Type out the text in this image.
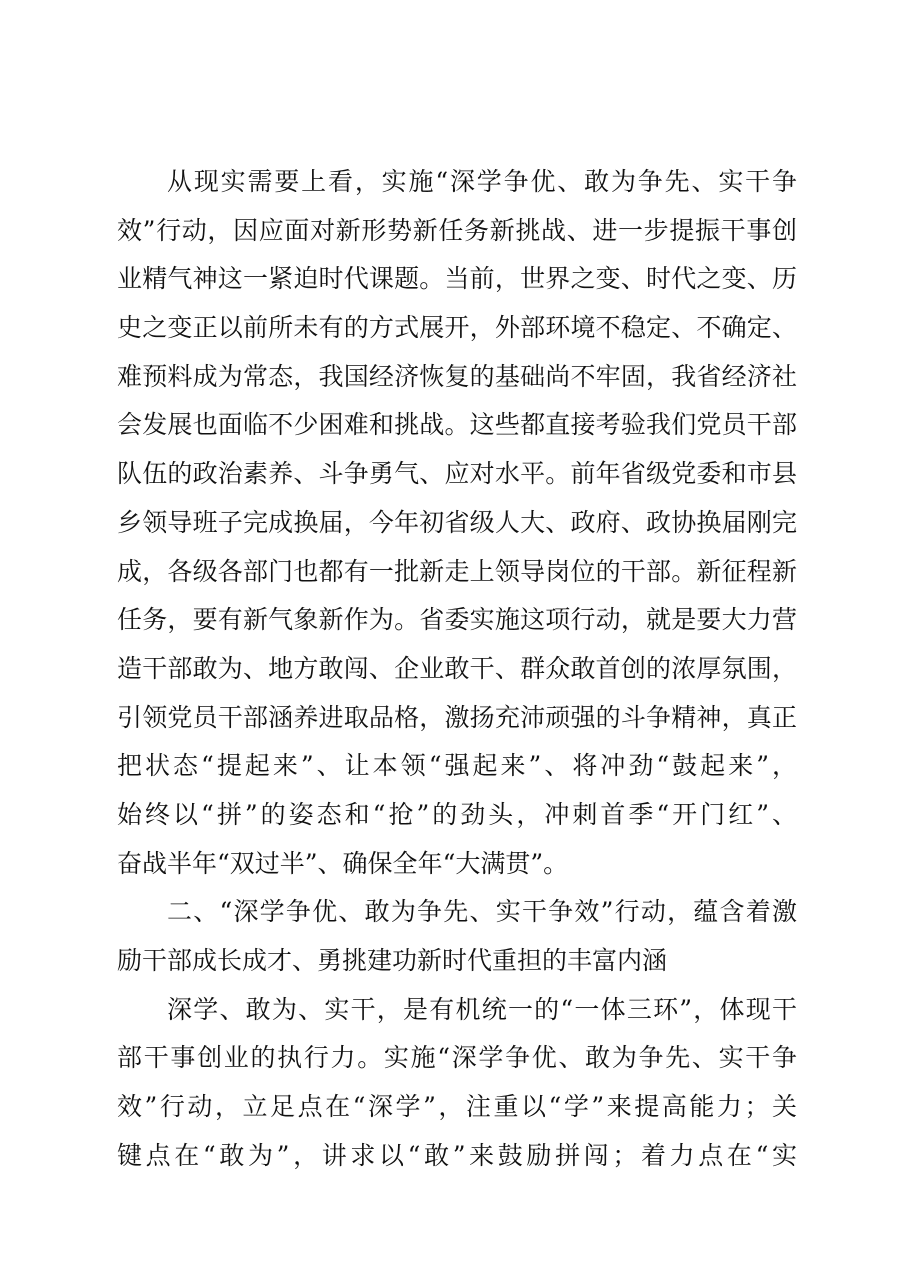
从现实需要上看，实施“深学争优、敢为争先、实干争
效”行动，因应面对新形势新任务新挑战、进一步提振干事创
业精气神这一紧迫时代课题。当前，世界之变、时代之变、历
史之变正以前所未有的方式展开，外部环境不稳定、不确定、
难预料成为常态，我国经济恢复的基础尚不牢固，我省经济社
会发展也面临不少困难和挑战。这些都直接考验我们党员干部
队伍的政治素养、斗争勇气、应对水平。前年省级党委和市县
乡领导班子完成换届，今年初省级人大、政府、政协换届刚完
成，各级各部门也都有一批新走上领导岗位的干部。新征程新
任务，要有新气象新作为。省委实施这项行动，就是要大力营
造干部敢为、地方敢闯、企业敢干、群众敢首创的浓厚氛围，
引领党员干部涵养进取品格，激扬充沛顽强的斗争精神，真正
把状态“提起来”、让本领“强起来”、将冲劲“鼓起来”，
始终以“拼”的姿态和“抢”的劲头，冲刺首季“开门红”、
奋战半年“双过半”、确保全年“大满贯”。
二、“深学争优、敢为争先、实干争效”行动，蕴含着激
励干部成长成才、勇挑建功新时代重担的丰富内涵
深学、敢为、实干，是有机统一的“一体三环”，体现干
部干事创业的执行力。实施“深学争优、敢为争先、实干争
效”行动，立足点在“深学”，注重以“学”来提高能力；关
键点在“敢为”，讲求以“敢”来鼓励拼闯；着力点在“实
